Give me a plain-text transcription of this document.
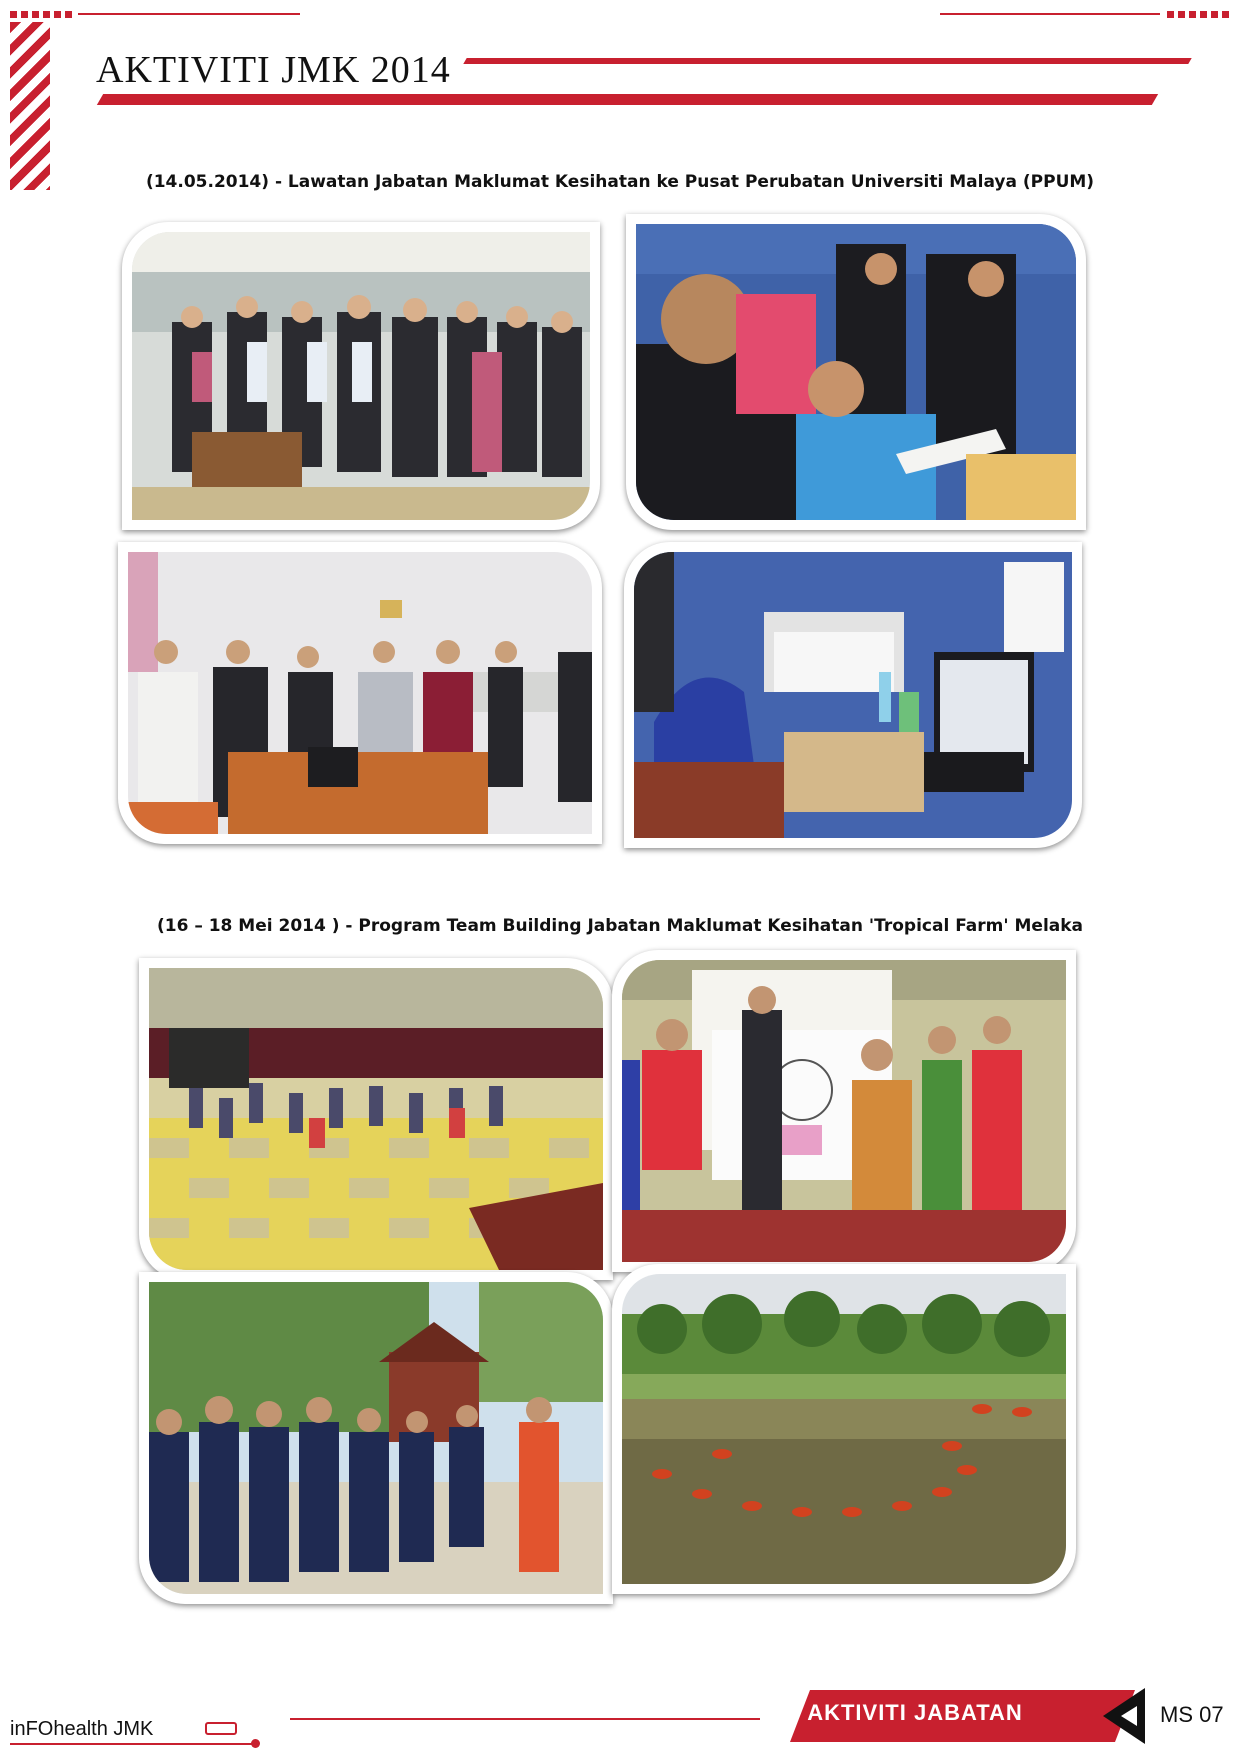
AKTIVITI JMK 2014
(14.05.2014) - Lawatan Jabatan Maklumat Kesihatan ke Pusat Perubatan Universiti Malaya (PPUM)
(16 – 18 Mei 2014 ) - Program Team Building Jabatan Maklumat Kesihatan 'Tropical Farm' Melaka
inFOhealth JMK
AKTIVITI JABATAN	MS 07
